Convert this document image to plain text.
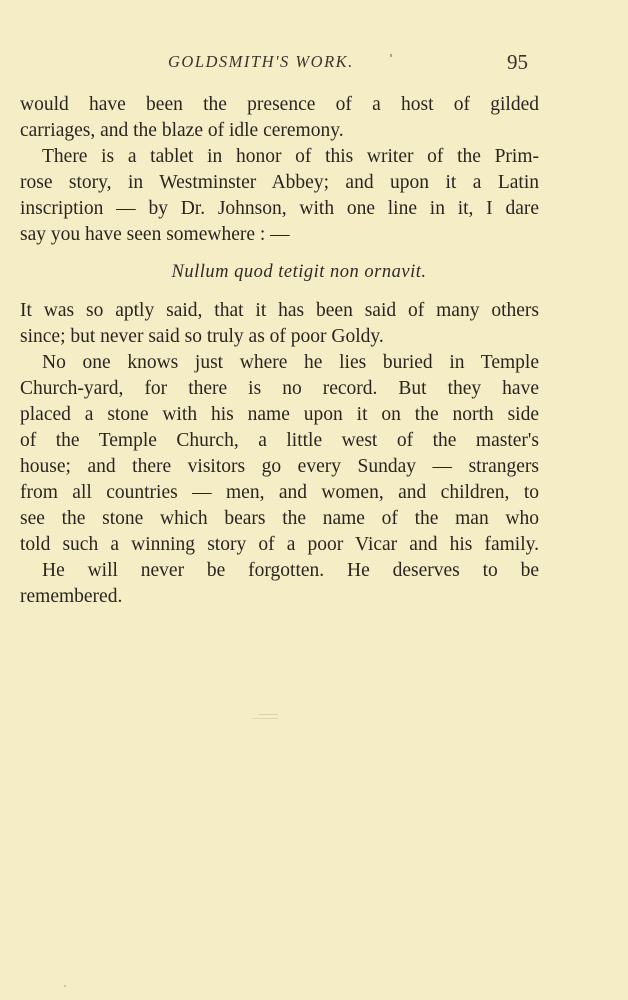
GOLDSMITH'S WORK.	95

would have been the presence of a host of gilded
carriages, and the blaze of idle ceremony.

There is a tablet in honor of this writer of the Prim-
rose story, in Westminster Abbey; and upon it a Latin
inscription — by Dr. Johnson, with one line in it, I dare
say you have seen somewhere : —

Nullum quod tetigit non ornavit.

It was so aptly said, that it has been said of many others
since; but never said so truly as of poor Goldy.

No one knows just where he lies buried in Temple
Church-yard, for there is no record. But they have
placed a stone with his name upon it on the north side
of the Temple Church, a little west of the master's
house; and there visitors go every Sunday — strangers
from all countries — men, and women, and children, to
see the stone which bears the name of the man who
told such a winning story of a poor Vicar and his family.

He will never be forgotten. He deserves to be
remembered.
